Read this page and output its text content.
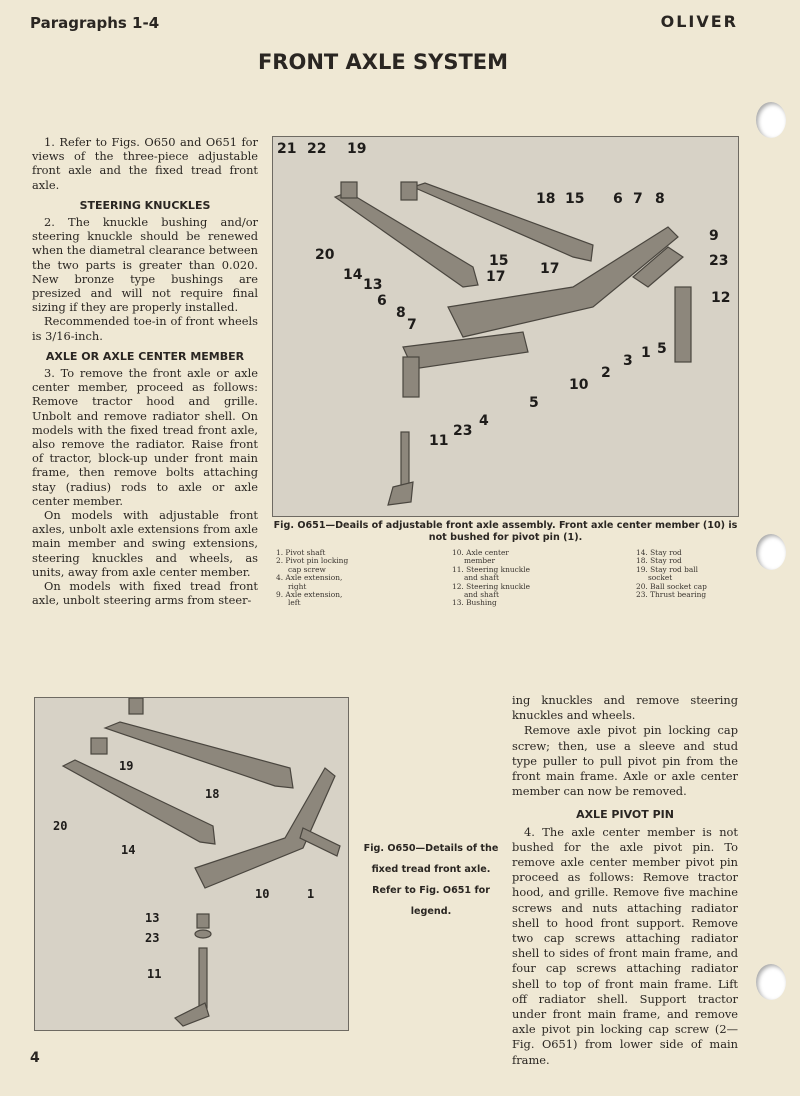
Paragraphs 1-4	OLIVER
FRONT AXLE SYSTEM

1. Refer to Figs. O650 and O651 for views of the three-piece adjustable front axle and the fixed tread front axle.

STEERING KNUCKLES

2. The knuckle bushing and/or steering knuckle should be renewed when the diametral clearance between the two parts is greater than 0.020. New bronze type bushings are presized and will not require final sizing if they are properly installed.

Recommended toe-in of front wheels is 3/16-inch.

AXLE OR AXLE CENTER MEMBER

3. To remove the front axle or axle center member, proceed as follows: Remove tractor hood and grille. Unbolt and remove radiator shell. On models with the fixed tread front axle, also remove the radiator. Raise front of tractor, block-up under front main frame, then remove bolts attaching stay (radius) rods to axle or axle center member.

On models with adjustable front axles, unbolt axle extensions from axle main member and swing extensions, steering knuckles and wheels, as units, away from axle center member.

On models with fixed tread front axle, unbolt steering arms from steer-

21 22 19
18 15 6 7 8
9
23
12
20
14
13
15
17 17
6
8
7
1 5
3
2
10
5
4
23
11
Fig. O651—Deails of adjustable front axle assembly. Front axle center member (10) is not bushed for pivot pin (1).
1. Pivot shaft
2. Pivot pin locking
cap screw
4. Axle extension,
right
9. Axle extension,
left
10. Axle center
member
11. Steering knuckle
and shaft
12. Steering knuckle
and shaft
13. Bushing
14. Stay rod
18. Stay rod
19. Stay rod ball
socket
20. Ball socket cap
23. Thrust bearing
19
18
20
14
10	1
13
23
11
Fig. O650—Details of the fixed tread front axle. Refer to Fig. O651 for legend.

ing knuckles and remove steering knuckles and wheels.

Remove axle pivot pin locking cap screw; then, use a sleeve and stud type puller to pull pivot pin from the front main frame. Axle or axle center member can now be removed.

AXLE PIVOT PIN

4. The axle center member is not bushed for the axle pivot pin. To remove axle center member pivot pin proceed as follows: Remove tractor hood, and grille. Remove five machine screws and nuts attaching radiator shell to hood front support. Remove two cap screws attaching radiator shell to sides of front main frame, and four cap screws attaching radiator shell to top of front main frame. Lift off radiator shell. Support tractor under front main frame, and remove axle pivot pin locking cap screw (2—Fig. O651) from lower side of main frame.

4
